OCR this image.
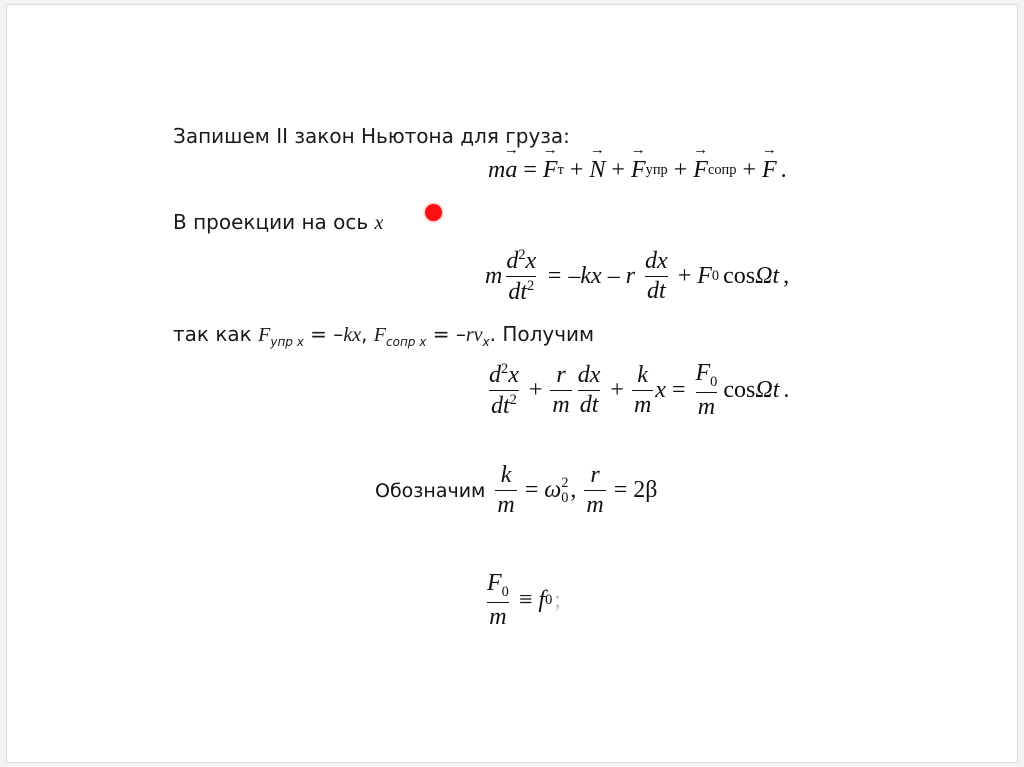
Запишем II закон Ньютона для груза:
m → a = → F т + → N + → F упр + → F сопр + → F .
В проекции на ось x
m $\frac{d^2x}{dt^2} = -kx - r$
dx
dt
+ F 0 cos Ωt ,
так как $F_{упр x} = -kx$, $F_{сопр x} = -rv_x$. Получим
$d^2x$
$dt^2 + \frac{r}{m}$ dx
dt
+ $\frac{k}{m}$ $x = \frac{F_0}{m}$ cos Ωt .
Обозначим $\frac{k}{m} = \omega$ 2
0 , $\frac{r}{m} = 2\beta$
$F_0$
m
≡ f 0 ;
